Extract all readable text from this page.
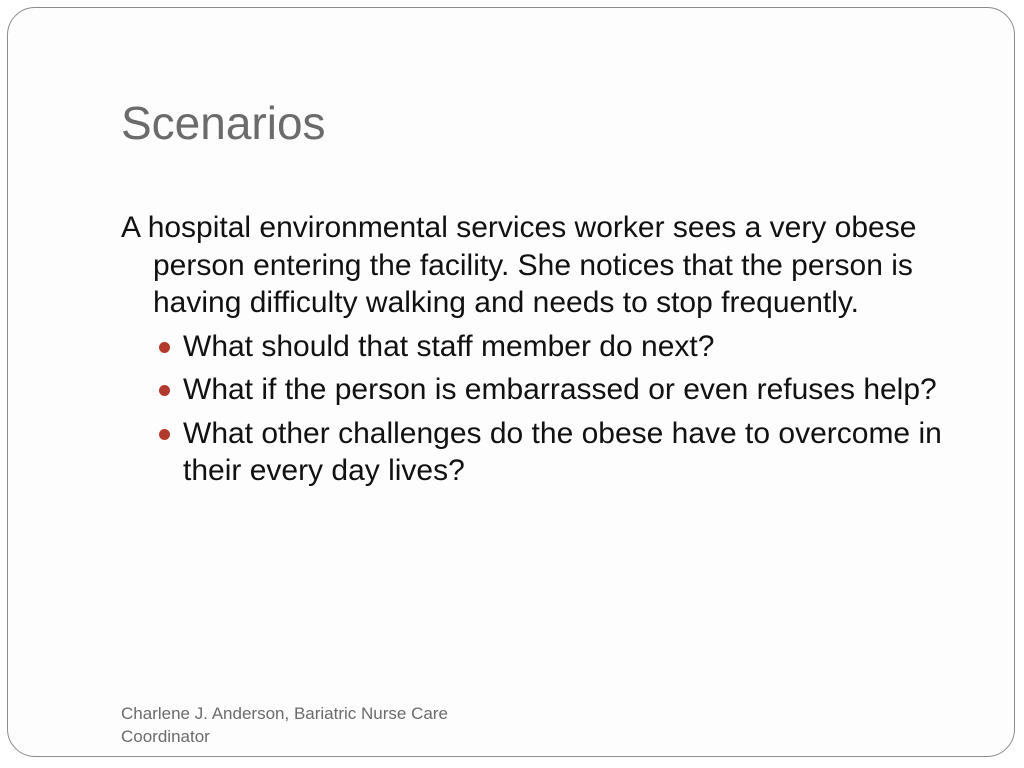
Scenarios

A hospital environmental services worker sees a very obese person entering the facility. She notices that the person is having difficulty walking and needs to stop frequently.

What should that staff member do next?
What if the person is embarrassed or even refuses help?
What other challenges do the obese have to overcome in their every day lives?

Charlene J. Anderson, Bariatric Nurse Care Coordinator
